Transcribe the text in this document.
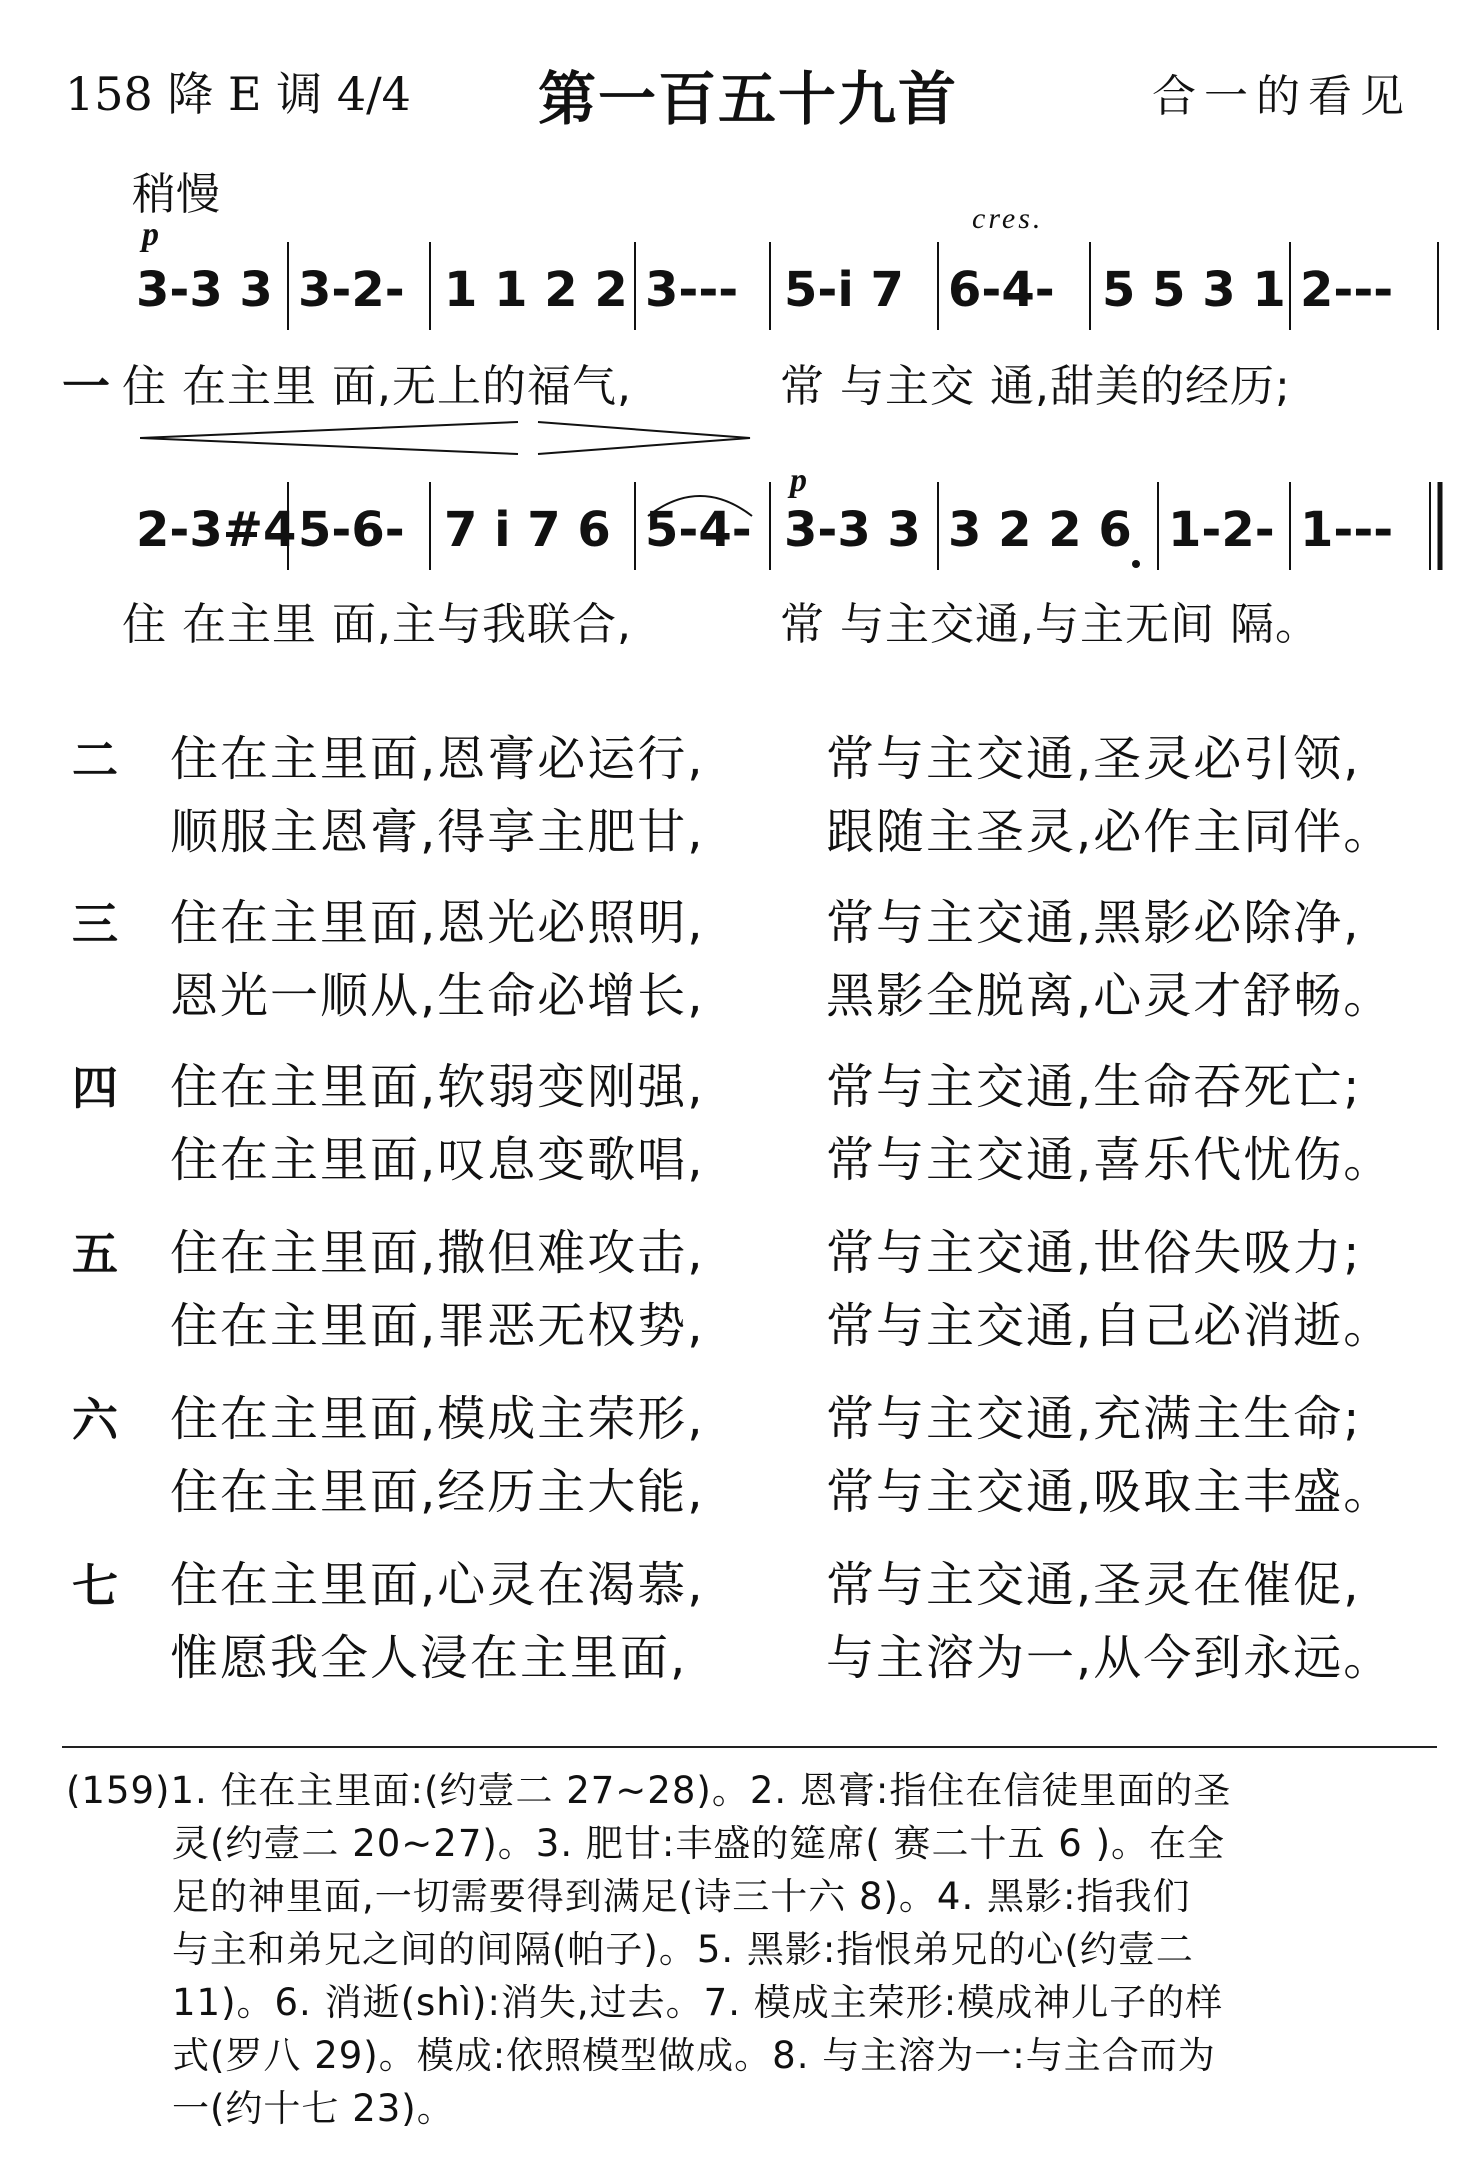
158 降 E 调 4/4 第一百五十九首	合一的看见
稍慢
p	cres.
3-3 3 3-2- 1 1 2 2 3--- 5-i 7 6-4- 5 5 3 1 2---
一 住 在主里 面,无上的福气,	常 与主交 通,甜美的经历;
p
2-3#4 5-6- 7 i 7 6 5-4- 3-3 3 3 2 2 6 1-2- 1---
住 在主里 面,主与我联合,	常 与主交通,与主无间 隔。
二 住在主里面,恩膏必运行,	常与主交通,圣灵必引领,
顺服主恩膏,得享主肥甘,	跟随主圣灵,必作主同伴。
三 住在主里面,恩光必照明,	常与主交通,黑影必除净,
恩光一顺从,生命必增长,	黑影全脱离,心灵才舒畅。
四 住在主里面,软弱变刚强,	常与主交通,生命吞死亡;
住在主里面,叹息变歌唱,	常与主交通,喜乐代忧伤。
五 住在主里面,撒但难攻击,	常与主交通,世俗失吸力;
住在主里面,罪恶无权势,	常与主交通,自己必消逝。
六 住在主里面,模成主荣形,	常与主交通,充满主生命;
住在主里面,经历主大能,	常与主交通,吸取主丰盛。
七 住在主里面,心灵在渴慕,	常与主交通,圣灵在催促,
惟愿我全人浸在主里面,	与主溶为一,从今到永远。
(159)1. 住在主里面:(约壹二 27~28)。2. 恩膏:指住在信徒里面的圣
灵(约壹二 20~27)。3. 肥甘:丰盛的筵席( 赛二十五 6 )。在全
足的神里面,一切需要得到满足(诗三十六 8)。4. 黑影:指我们
与主和弟兄之间的间隔(帕子)。5. 黑影:指恨弟兄的心(约壹二
11)。6. 消逝(shì):消失,过去。7. 模成主荣形:模成神儿子的样
式(罗八 29)。模成:依照模型做成。8. 与主溶为一:与主合而为
一(约十七 23)。
